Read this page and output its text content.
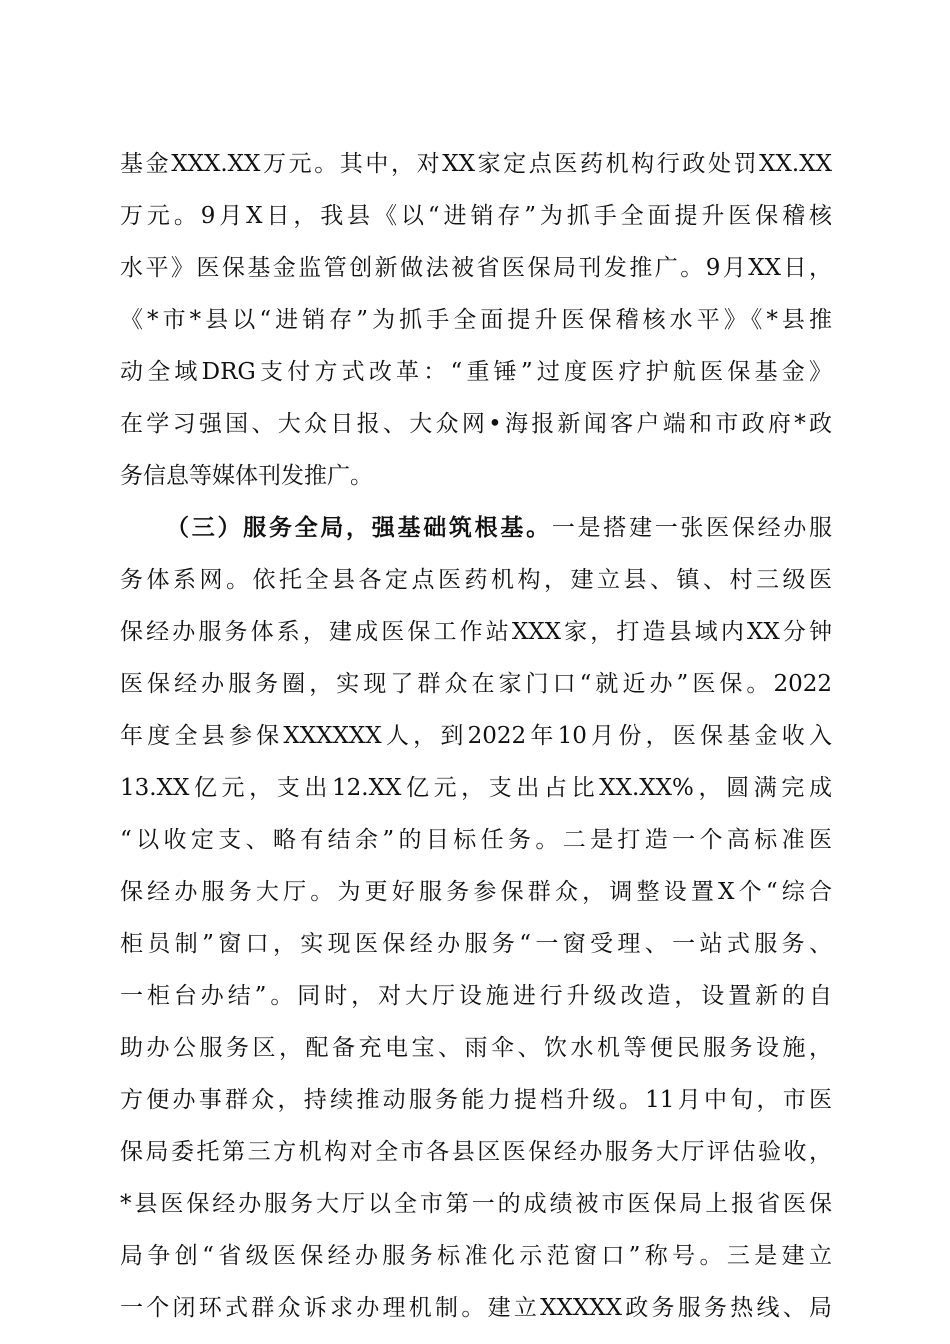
基金XXX.XX万元。其中，对XX家定点医药机构行政处罚XX.XX
万元。9月X日，我县《以“进销存”为抓手全面提升医保稽核
水平》医保基金监管创新做法被省医保局刊发推广。9月XX日，
《*市*县以“进销存”为抓手全面提升医保稽核水平》《*县推
动全域DRG支付方式改革：“重锤”过度医疗护航医保基金》
在学习强国、大众日报、大众网•海报新闻客户端和市政府*政
务信息等媒体刊发推广。
（三）服务全局，强基础筑根基。一是搭建一张医保经办服
务体系网。依托全县各定点医药机构，建立县、镇、村三级医
保经办服务体系，建成医保工作站XXX家，打造县域内XX分钟
医保经办服务圈，实现了群众在家门口“就近办”医保。2022
年度全县参保XXXXXX人，到2022年10月份，医保基金收入
13.XX亿元，支出12.XX亿元，支出占比XX.XX%，圆满完成
“以收定支、略有结余”的目标任务。二是打造一个高标准医
保经办服务大厅。为更好服务参保群众，调整设置X个“综合
柜员制”窗口，实现医保经办服务“一窗受理、一站式服务、
一柜台办结”。同时，对大厅设施进行升级改造，设置新的自
助办公服务区，配备充电宝、雨伞、饮水机等便民服务设施，
方便办事群众，持续推动服务能力提档升级。11月中旬，市医
保局委托第三方机构对全市各县区医保经办服务大厅评估验收，
*县医保经办服务大厅以全市第一的成绩被市医保局上报省医保
局争创“省级医保经办服务标准化示范窗口”称号。三是建立
一个闭环式群众诉求办理机制。建立XXXXX政务服务热线、局
